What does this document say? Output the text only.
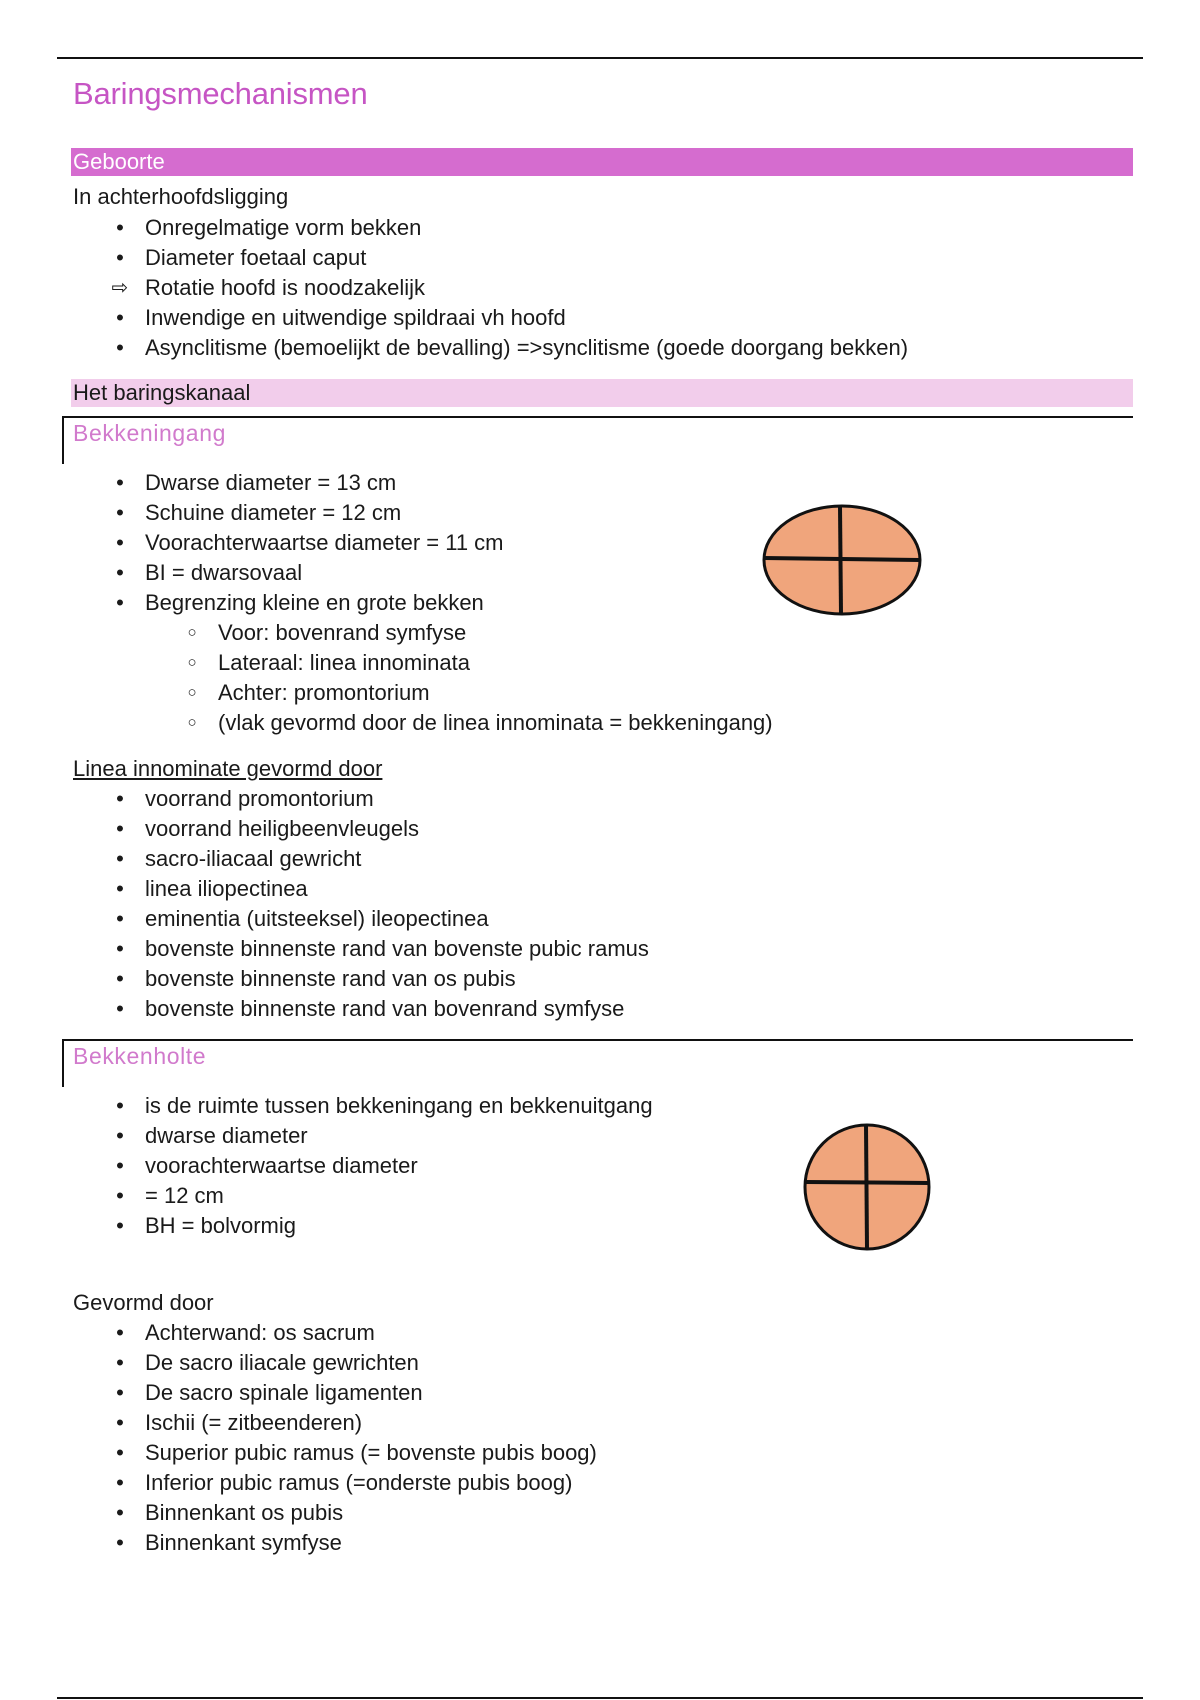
Baringsmechanismen
Geboorte
In achterhoofdsligging
• Onregelmatige vorm bekken
• Diameter foetaal caput
⇨ Rotatie hoofd is noodzakelijk
• Inwendige en uitwendige spildraai vh hoofd
• Asynclitisme (bemoelijkt de bevalling) =>synclitisme (goede doorgang bekken)
Het baringskanaal
Bekkeningang
• Dwarse diameter = 13 cm
• Schuine diameter = 12 cm
• Voorachterwaartse diameter = 11 cm
• BI = dwarsovaal
• Begrenzing kleine en grote bekken
○ Voor: bovenrand symfyse
○ Lateraal: linea innominata
○ Achter: promontorium
○ (vlak gevormd door de linea innominata = bekkeningang)
Linea innominate gevormd door
• voorrand promontorium
• voorrand heiligbeenvleugels
• sacro-iliacaal gewricht
• linea iliopectinea
• eminentia (uitsteeksel) ileopectinea
• bovenste binnenste rand van bovenste pubic ramus
• bovenste binnenste rand van os pubis
• bovenste binnenste rand van bovenrand symfyse
Bekkenholte
• is de ruimte tussen bekkeningang en bekkenuitgang
• dwarse diameter
• voorachterwaartse diameter
• = 12 cm
• BH = bolvormig
Gevormd door
• Achterwand: os sacrum
• De sacro iliacale gewrichten
• De sacro spinale ligamenten
• Ischii (= zitbeenderen)
• Superior pubic ramus (= bovenste pubis boog)
• Inferior pubic ramus (=onderste pubis boog)
• Binnenkant os pubis
• Binnenkant symfyse
